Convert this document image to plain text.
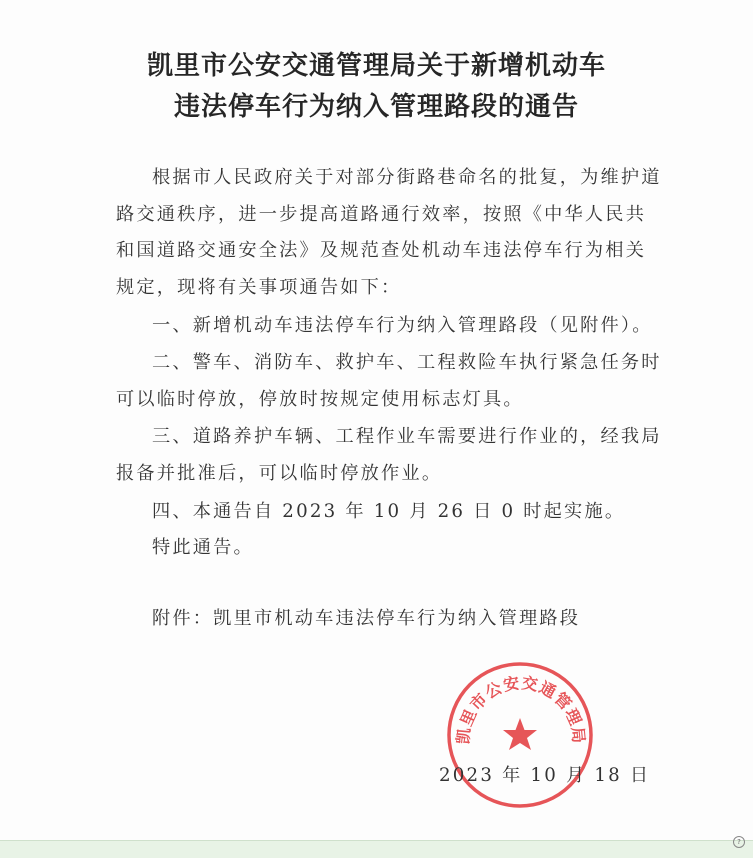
凯里市公安交通管理局关于新增机动车
违法停车行为纳入管理路段的通告
根据市人民政府关于对部分街路巷命名的批复，为维护道路交通秩序，进一步提高道路通行效率，按照《中华人民共和国道路交通安全法》及规范查处机动车违法停车行为相关规定，现将有关事项通告如下：
一、新增机动车违法停车行为纳入管理路段（见附件）。
二、警车、消防车、救护车、工程救险车执行紧急任务时可以临时停放，停放时按规定使用标志灯具。
三、道路养护车辆、工程作业车需要进行作业的，经我局报备并批准后，可以临时停放作业。
四、本通告自 2023 年 10 月 26 日 0 时起实施。
特此通告。
附件：凯里市机动车违法停车行为纳入管理路段
凯里市公安交通管理局
2023 年 10 月 18 日
?
